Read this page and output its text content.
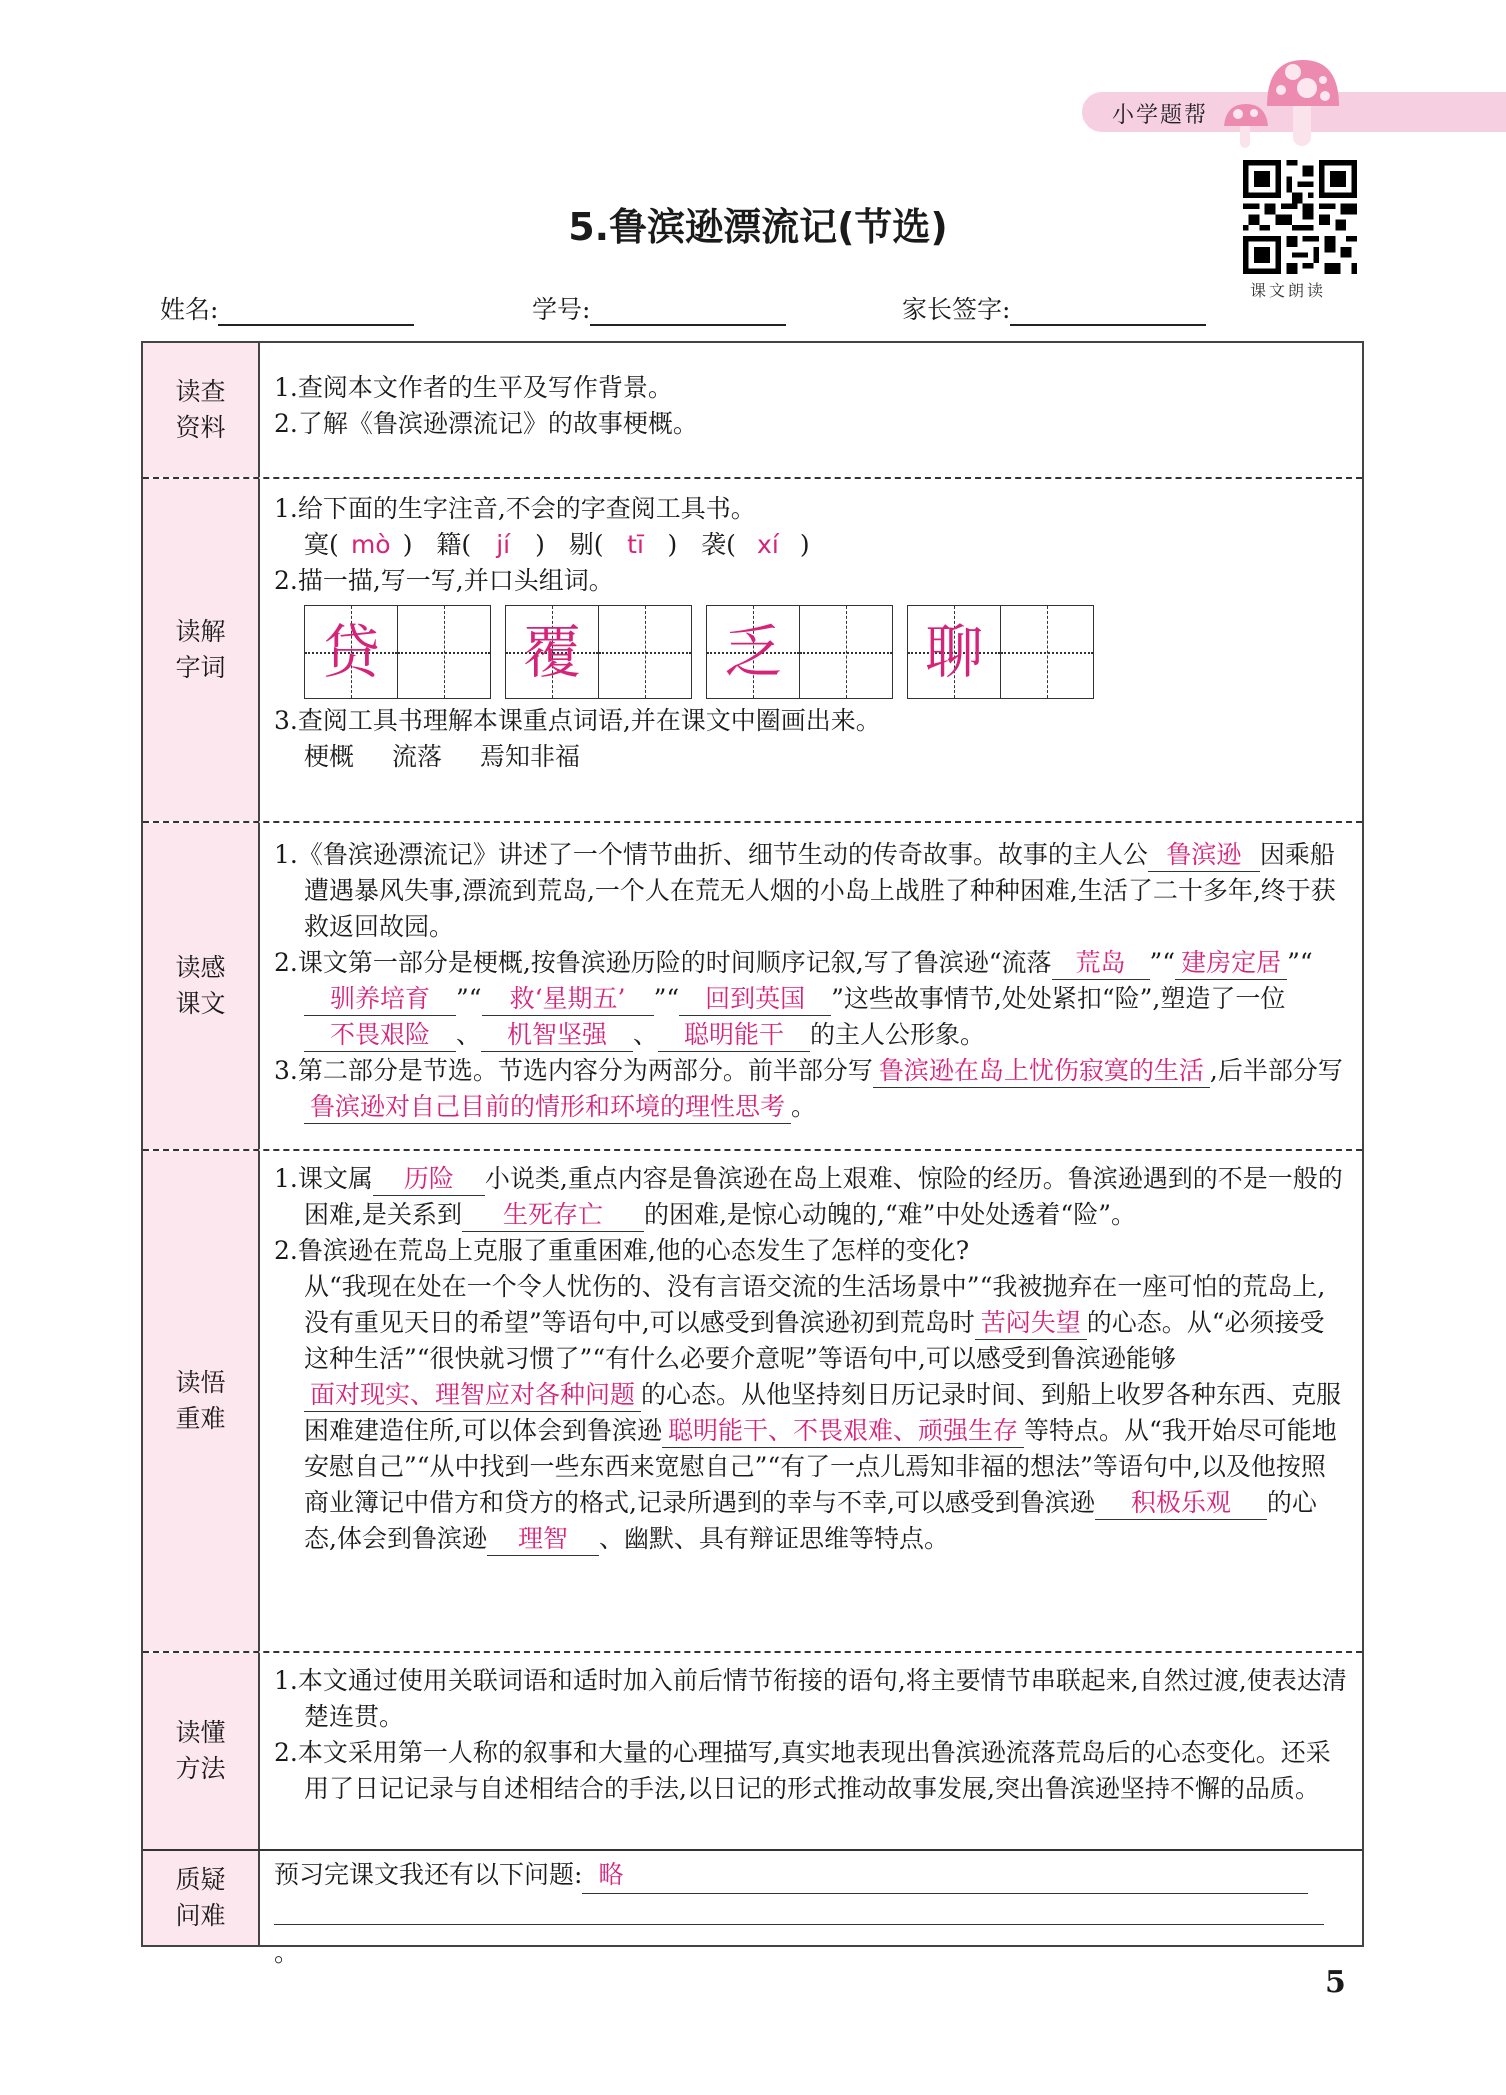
小学题帮
课文朗读
5.鲁滨逊漂流记(节选)
姓名:	学号:	家长签字:
读查
资料
1.查阅本文作者的生平及写作背景。
2.了解《鲁滨逊漂流记》的故事梗概。
读解
字词
1.给下面的生字注音,不会的字查阅工具书。
寞( mò )   籍( jí )   剔( tī )   袭( xí )
2.描一描,写一写,并口头组词。
贷 覆 乏 聊
3.查阅工具书理解本课重点词语,并在课文中圈画出来。
梗概 流落 焉知非福
读感
课文
1.《鲁滨逊漂流记》讲述了一个情节曲折、细节生动的传奇故事。故事的主人公 鲁滨逊 因乘船遭遇暴风失事,漂流到荒岛,一个人在荒无人烟的小岛上战胜了种种困难,生活了二十多年,终于获救返回故园。
2.课文第一部分是梗概,按鲁滨逊历险的时间顺序记叙,写了鲁滨逊“流落 荒岛 ”“ 建房定居 ”“驯养培育 ”“ 救‘星期五’ ”“ 回到英国 ”这些故事情节,处处紧扣“险”,塑造了一位不畏艰险 、 机智坚强 、 聪明能干 的主人公形象。
3.第二部分是节选。节选内容分为两部分。前半部分写 鲁滨逊在岛上忧伤寂寞的生活 ,后半部分写鲁滨逊对自己目前的情形和环境的理性思考 。
读悟
重难
1.课文属 历险 小说类,重点内容是鲁滨逊在岛上艰难、惊险的经历。鲁滨逊遇到的不是一般的困难,是关系到 生死存亡 的困难,是惊心动魄的,“难”中处处透着“险”。
2.鲁滨逊在荒岛上克服了重重困难,他的心态发生了怎样的变化?
从“我现在处在一个令人忧伤的、没有言语交流的生活场景中”“我被抛弃在一座可怕的荒岛上,没有重见天日的希望”等语句中,可以感受到鲁滨逊初到荒岛时 苦闷失望 的心态。从“必须接受这种生活”“很快就习惯了”“有什么必要介意呢”等语句中,可以感受到鲁滨逊能够面对现实、理智应对各种问题 的心态。从他坚持刻日历记录时间、到船上收罗各种东西、克服困难建造住所,可以体会到鲁滨逊 聪明能干、不畏艰难、顽强生存 等特点。从“我开始尽可能地安慰自己”“从中找到一些东西来宽慰自己”“有了一点儿焉知非福的想法”等语句中,以及他按照商业簿记中借方和贷方的格式,记录所遇到的幸与不幸,可以感受到鲁滨逊 积极乐观 的心态,体会到鲁滨逊 理智 、幽默、具有辩证思维等特点。
读懂
方法
1.本文通过使用关联词语和适时加入前后情节衔接的语句,将主要情节串联起来,自然过渡,使表达清楚连贯。
2.本文采用第一人称的叙事和大量的心理描写,真实地表现出鲁滨逊流落荒岛后的心态变化。还采用了日记记录与自述相结合的手法,以日记的形式推动故事发展,突出鲁滨逊坚持不懈的品质。
质疑
问难
预习完课文我还有以下问题: 略
。
5
